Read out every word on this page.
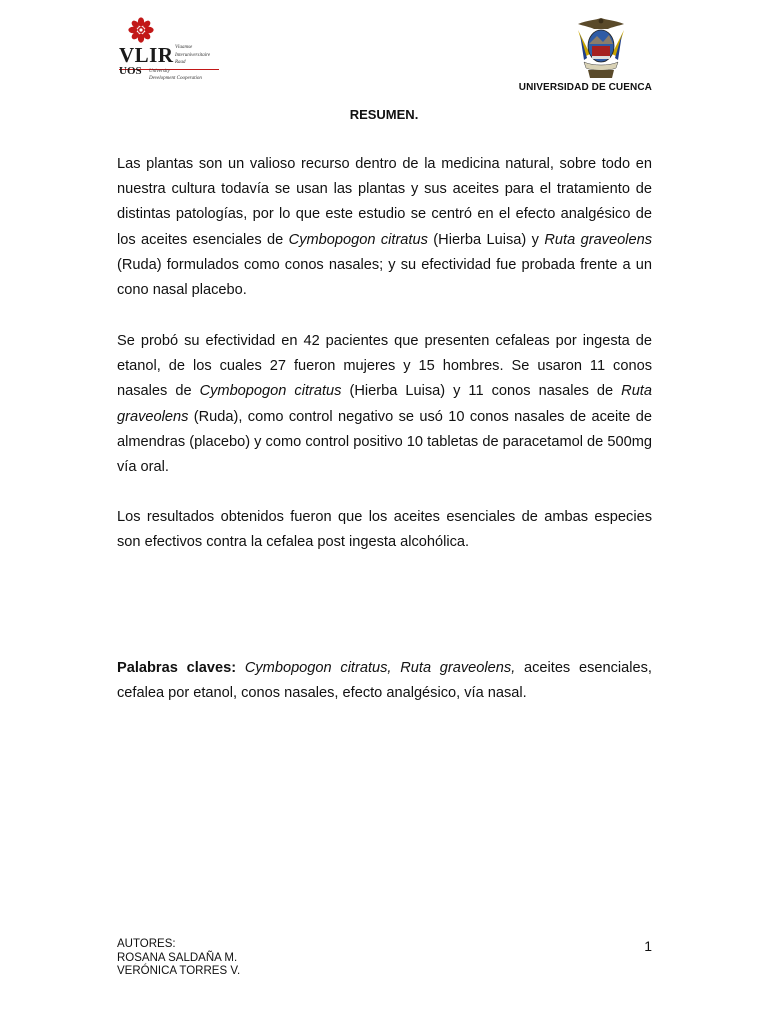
VLIR Vlaamse
Interuniversitaire
Raad
UOS University
Development Cooperation
UNIVERSIDAD DE CUENCA
RESUMEN.

Las plantas son un valioso recurso dentro de la medicina natural, sobre todo en nuestra cultura todavía se usan las plantas y sus aceites para el tratamiento de distintas patologías, por lo que este estudio se centró en el efecto analgésico de los aceites esenciales de Cymbopogon citratus (Hierba Luisa) y Ruta graveolens (Ruda) formulados como conos nasales; y su efectividad fue probada frente a un cono nasal placebo.

Se probó su efectividad en 42 pacientes que presenten cefaleas por ingesta de etanol, de los cuales 27 fueron mujeres y 15 hombres. Se usaron 11 conos nasales de Cymbopogon citratus (Hierba Luisa) y 11 conos nasales de Ruta graveolens (Ruda), como control negativo se usó 10 conos nasales de aceite de almendras (placebo) y como control positivo 10 tabletas de paracetamol de 500mg vía oral.

Los resultados obtenidos fueron que los aceites esenciales de ambas especies son efectivos contra la cefalea post ingesta alcohólica.

Palabras claves: Cymbopogon citratus, Ruta graveolens, aceites esenciales, cefalea por etanol, conos nasales, efecto analgésico, vía nasal.

AUTORES:
ROSANA SALDAÑA M.
VERÓNICA TORRES V.
1
